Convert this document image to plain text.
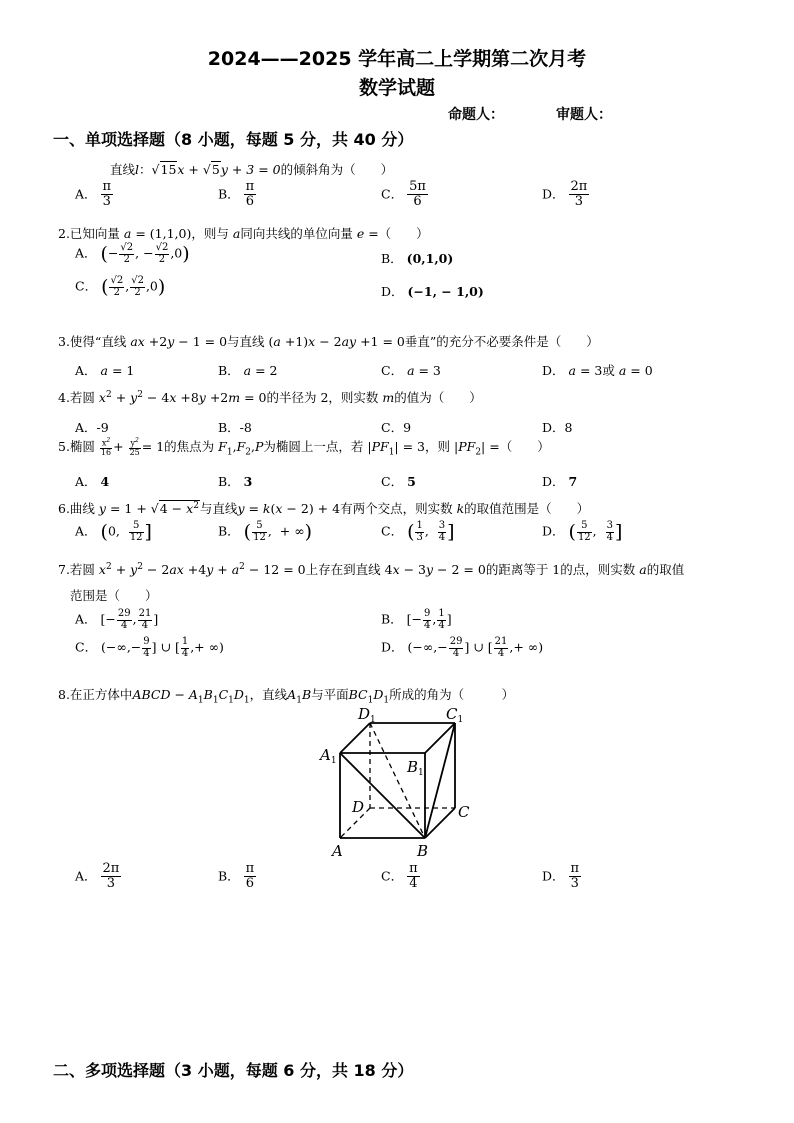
2024——2025 学年高二上学期第二次月考
数学试题
命题人：	审题人：
一、单项选择题（8 小题，每题 5 分，共 40 分）
直线l：√15x + √5y + 3 = 0的倾斜角为（　　）
A． $\frac{\pi}{3}$	B． $\frac{\pi}{6}$	C． $\frac{5\pi}{6}$	D． $\frac{2\pi}{3}$
2.已知向量 a = (1,1,0)，则与 a同向共线的单位向量 e =（　　）
A． (− $\frac{√2}{2}$ , − $\frac{√2}{2} ,0$)	B． (0,1,0)
C． ( $\frac{√2}{2}$ , $\frac{√2}{2} ,0$)	D． (−1, − 1,0)
3.使得“直线 ax +2y − 1 = 0与直线 (a +1)x − 2ay +1 = 0垂直”的充分不必要条件是（　　）
A． a = 1	B． a = 2	C． a = 3	D． a = 3或 a = 0
4.若圆 $x^2 + y^2 - 4x +8y +2m = 0$的半径为 2，则实数 m的值为（　　）
A．-9	B．-8	C．9	D．8
5.椭圆 $\frac{x^2}{16} + \frac{y^2}{25} = 1$的焦点为 $F_1,F_2,P$为椭圆上一点，若 $|PF_1| = 3$，则 $|PF_2|$ =（　　）
A． 4	B． 3	C． 5	D． 7
6.曲线 $y = 1 + √4 - x^2$与直线y = k(x − 2) + 4有两个交点，则实数 k的取值范围是（　　）
A． (0, $\frac{5}{12}$ ]	B． ( $\frac{5}{12}$ ,  + ∞)	C． ( $\frac{1}{3}$ , $\frac{3}{4}$ ]	D． ( $\frac{5}{12}$ , $\frac{3}{4}$ ]
7.若圆 $x^2 + y^2 - 2ax +4y + a^2 - 12 = 0$上存在到直线 4x − 3y − 2 = 0的距离等于 1的点，则实数 a的取值
范围是（　　）
A． [− $\frac{29}{4}$ , $\frac{21}{4}$ ]	B． [− $\frac{9}{4}$ , $\frac{1}{4}$ ]
C． (−∞,− $\frac{9}{4}$ ] ∪ [ $\frac{1}{4}$ ,+ ∞)	D． (−∞,− $\frac{29}{4}$ ] ∪ [ $\frac{21}{4}$ ,+ ∞)
8.在正方体中ABCD − $A_1B_1C_1D_1$，直线$A_1B$与平面$BC_1D_1$所成的角为（　　　）
$D_1$	$C_1$
$A_1$	$B_1$
D	C
A	B
A． $\frac{2\pi}{3}$	B． $\frac{\pi}{6}$	C． $\frac{\pi}{4}$	D． $\frac{\pi}{3}$
二、多项选择题（3 小题，每题 6 分，共 18 分）
